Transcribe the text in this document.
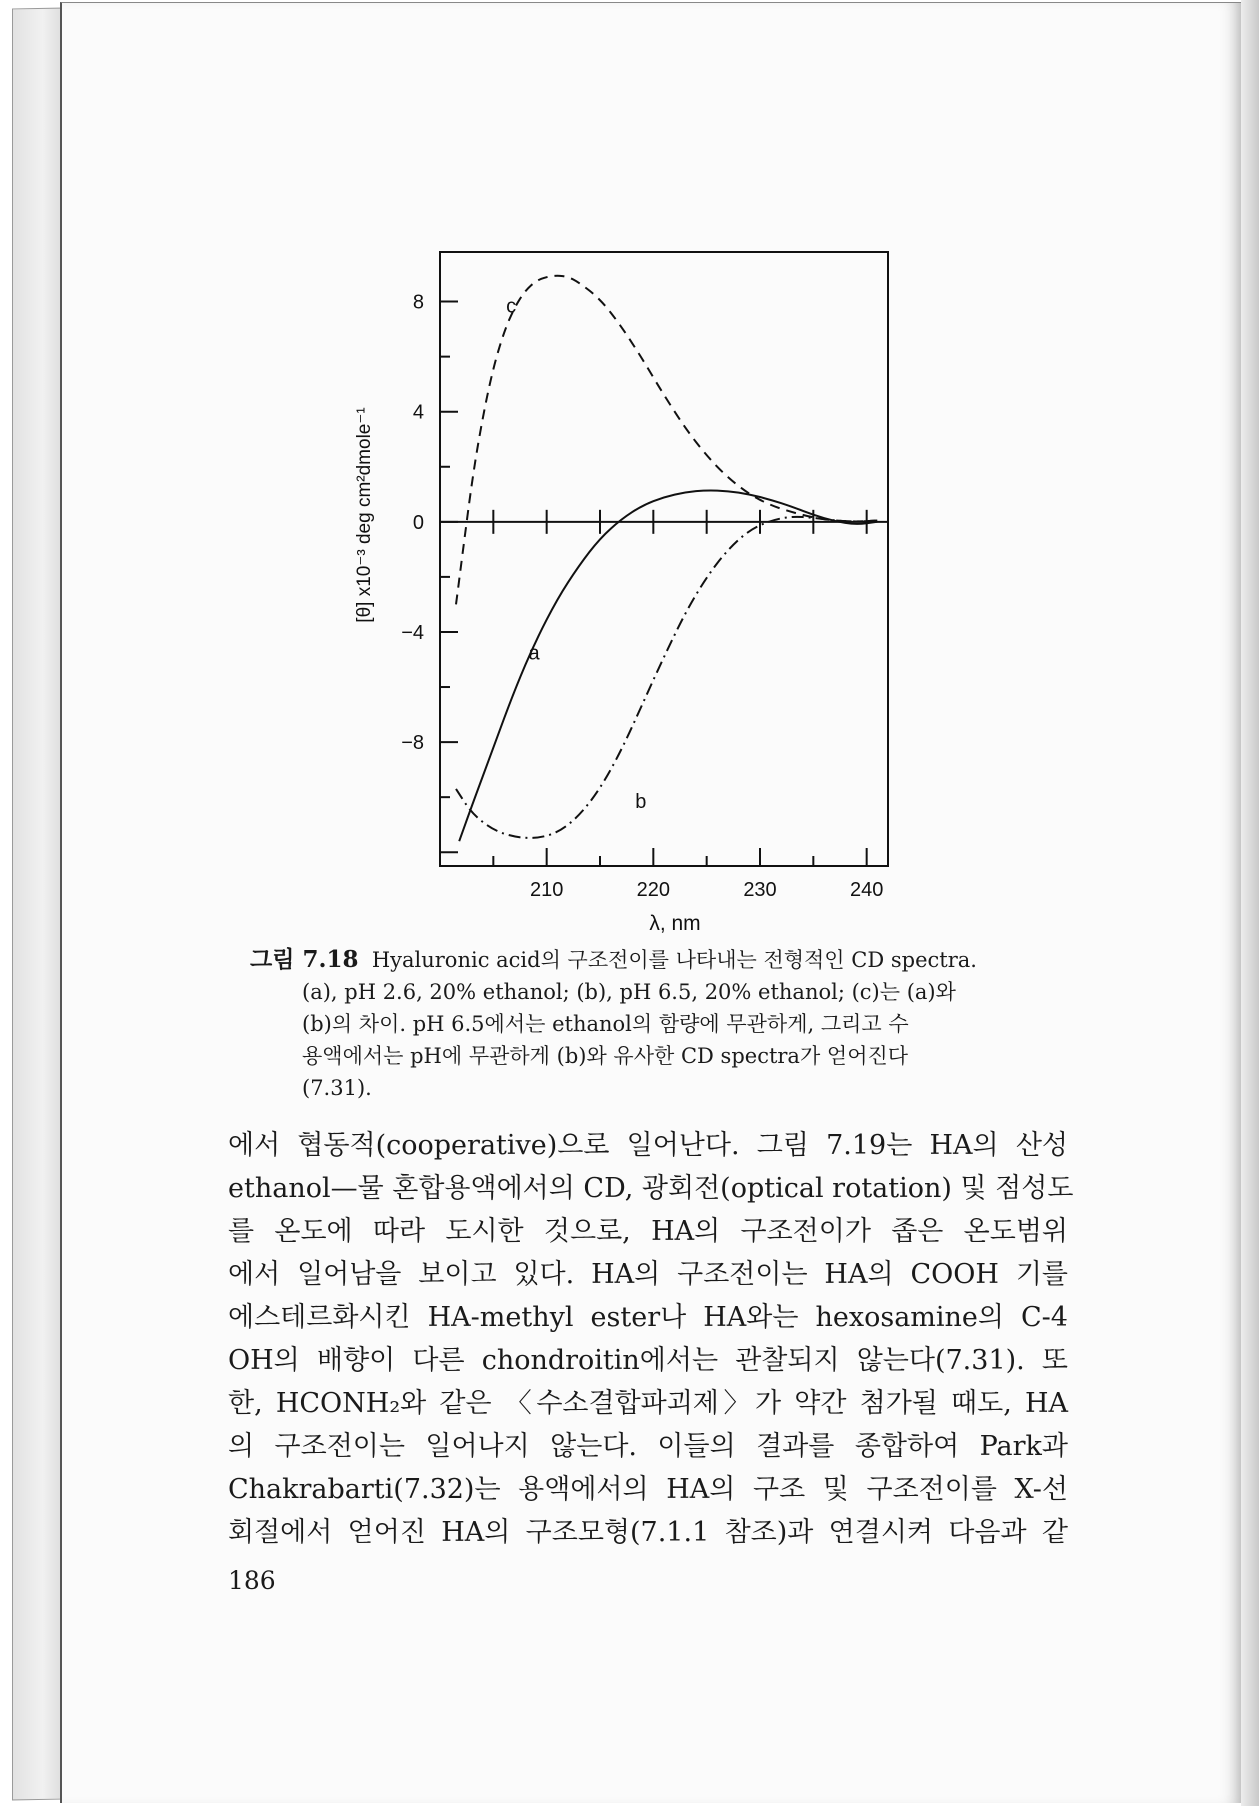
210	220	230	240
8
4
0
−4
−8
a
b
c
λ, nm
[θ] x10⁻³ deg cm²dmole⁻¹
그림 7.18 Hyaluronic acid의 구조전이를 나타내는 전형적인 CD spectra.
(a), pH 2.6, 20% ethanol; (b), pH 6.5, 20% ethanol; (c)는 (a)와
(b)의 차이. pH 6.5에서는 ethanol의 함량에 무관하게, 그리고 수
용액에서는 pH에 무관하게 (b)와 유사한 CD spectra가 얻어진다
(7.31).
에서 협동적(cooperative)으로 일어난다. 그림 7.19는 HA의 산성
ethanol—물 혼합용액에서의 CD, 광회전(optical rotation) 및 점성도
를 온도에 따라 도시한 것으로, HA의 구조전이가 좁은 온도범위
에서 일어남을 보이고 있다. HA의 구조전이는 HA의 COOH 기를
에스테르화시킨 HA-methyl ester나 HA와는 hexosamine의 C-4
OH의 배향이 다른 chondroitin에서는 관찰되지 않는다(7.31). 또
한, HCONH₂와 같은 〈수소결합파괴제〉가 약간 첨가될 때도, HA
의 구조전이는 일어나지 않는다. 이들의 결과를 종합하여 Park과
Chakrabarti(7.32)는 용액에서의 HA의 구조 및 구조전이를 X-선
회절에서 얻어진 HA의 구조모형(7.1.1 참조)과 연결시켜 다음과 같
186
